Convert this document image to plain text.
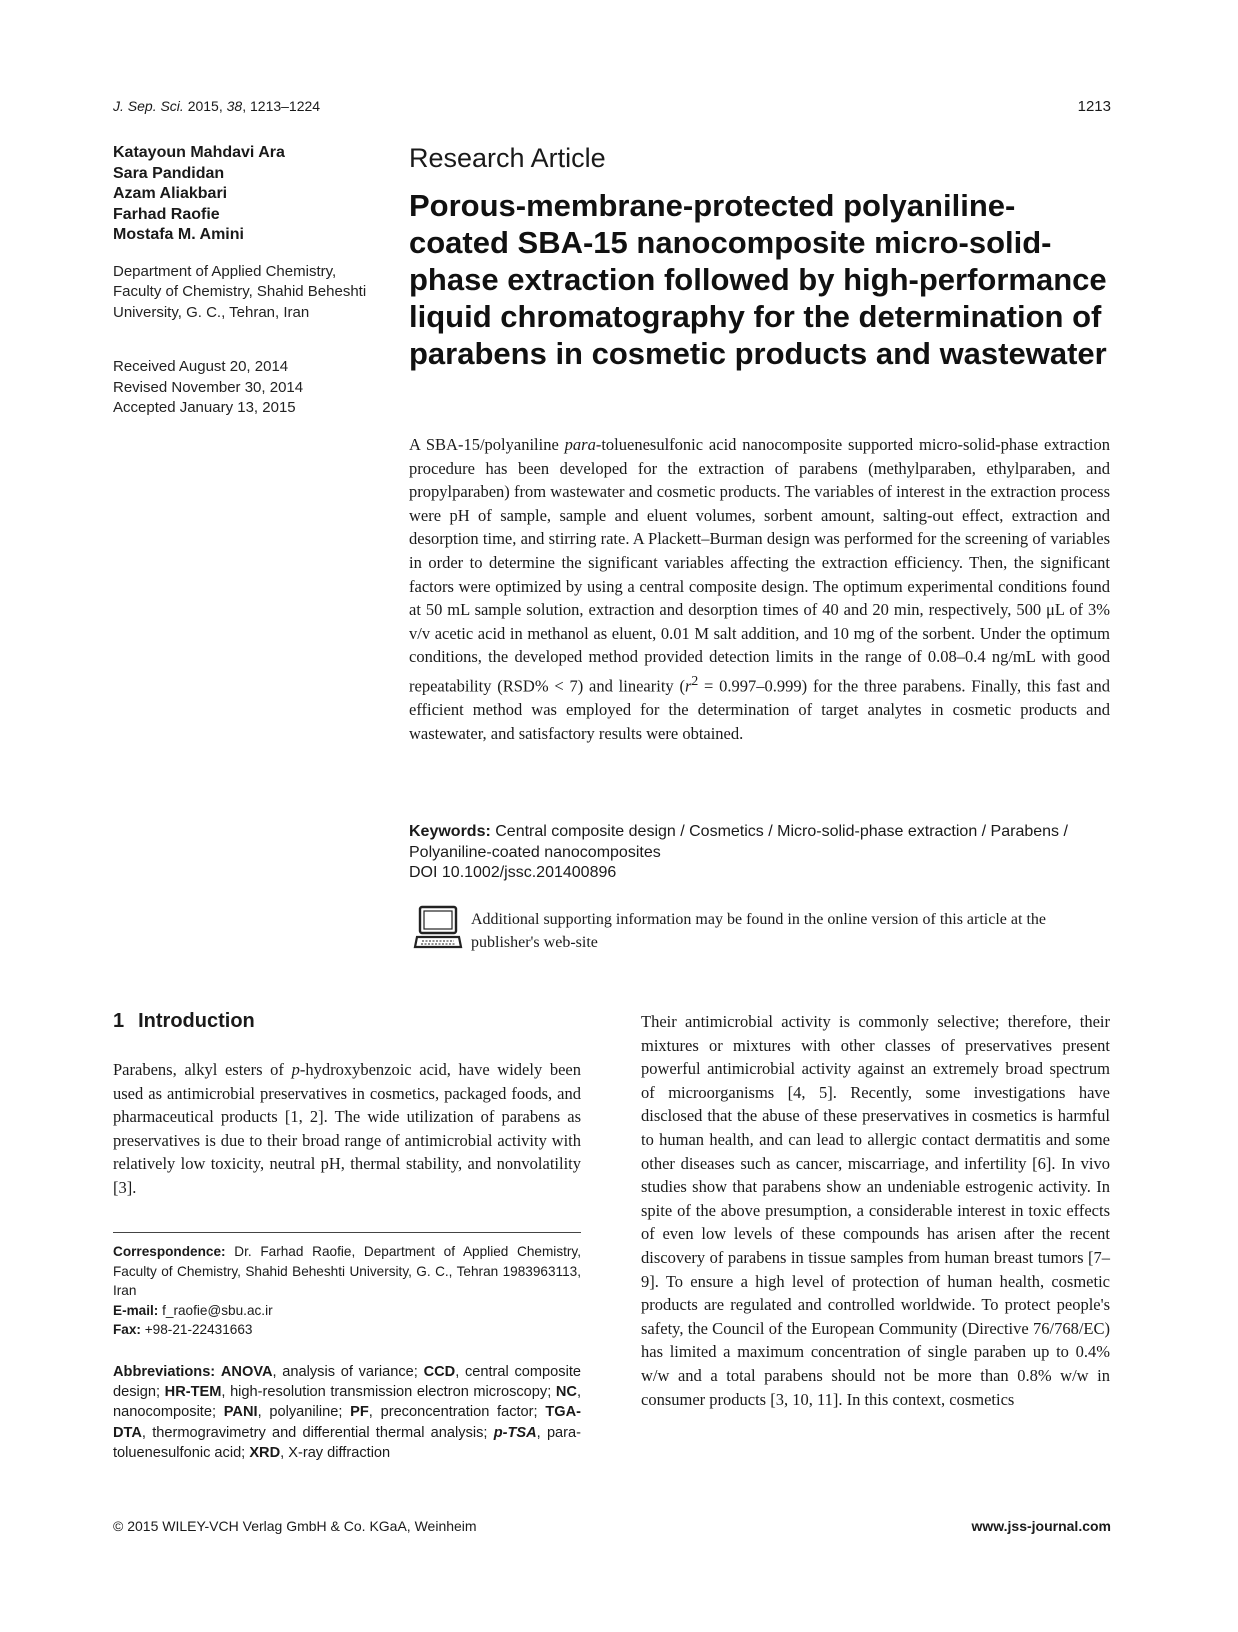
J. Sep. Sci. 2015, 38, 1213–1224	1213
Katayoun Mahdavi Ara
Sara Pandidan
Azam Aliakbari
Farhad Raofie
Mostafa M. Amini
Department of Applied Chemistry, Faculty of Chemistry, Shahid Beheshti University, G. C., Tehran, Iran
Received August 20, 2014
Revised November 30, 2014
Accepted January 13, 2015
Research Article
Porous-membrane-protected polyaniline-coated SBA-15 nanocomposite micro-solid-phase extraction followed by high-performance liquid chromatography for the determination of parabens in cosmetic products and wastewater

A SBA-15/polyaniline para-toluenesulfonic acid nanocomposite supported micro-solid-phase extraction procedure has been developed for the extraction of parabens (methylparaben, ethylparaben, and propylparaben) from wastewater and cosmetic products. The variables of interest in the extraction process were pH of sample, sample and eluent volumes, sorbent amount, salting-out effect, extraction and desorption time, and stirring rate. A Plackett–Burman design was performed for the screening of variables in order to determine the significant variables affecting the extraction efficiency. Then, the significant factors were optimized by using a central composite design. The optimum experimental conditions found at 50 mL sample solution, extraction and desorption times of 40 and 20 min, respectively, 500 μL of 3% v/v acetic acid in methanol as eluent, 0.01 M salt addition, and 10 mg of the sorbent. Under the optimum conditions, the developed method provided detection limits in the range of 0.08–0.4 ng/mL with good repeatability (RSD% < 7) and linearity $(r^2 = 0.997-0.999)$ for the three parabens. Finally, this fast and efficient method was employed for the determination of target analytes in cosmetic products and wastewater, and satisfactory results were obtained.

Keywords: Central composite design / Cosmetics / Micro-solid-phase extraction / Parabens / Polyaniline-coated nanocomposites
DOI 10.1002/jssc.201400896
Additional supporting information may be found in the online version of this article at the publisher's web-site
1 Introduction

Parabens, alkyl esters of p-hydroxybenzoic acid, have widely been used as antimicrobial preservatives in cosmetics, packaged foods, and pharmaceutical products [1, 2]. The wide utilization of parabens as preservatives is due to their broad range of antimicrobial activity with relatively low toxicity, neutral pH, thermal stability, and nonvolatility [3].

Correspondence: Dr. Farhad Raofie, Department of Applied Chemistry, Faculty of Chemistry, Shahid Beheshti University, G. C., Tehran 1983963113, Iran
E-mail: f_raofie@sbu.ac.ir
Fax: +98-21-22431663
Abbreviations: ANOVA, analysis of variance; CCD, central composite design; HR-TEM, high-resolution transmission electron microscopy; NC, nanocomposite; PANI, polyaniline; PF, preconcentration factor; TGA-DTA, thermogravimetry and differential thermal analysis; p-TSA, para-toluenesulfonic acid; XRD, X-ray diffraction

Their antimicrobial activity is commonly selective; therefore, their mixtures or mixtures with other classes of preservatives present powerful antimicrobial activity against an extremely broad spectrum of microorganisms [4, 5]. Recently, some investigations have disclosed that the abuse of these preservatives in cosmetics is harmful to human health, and can lead to allergic contact dermatitis and some other diseases such as cancer, miscarriage, and infertility [6]. In vivo studies show that parabens show an undeniable estrogenic activity. In spite of the above presumption, a considerable interest in toxic effects of even low levels of these compounds has arisen after the recent discovery of parabens in tissue samples from human breast tumors [7–9]. To ensure a high level of protection of human health, cosmetic products are regulated and controlled worldwide. To protect people's safety, the Council of the European Community (Directive 76/768/EC) has limited a maximum concentration of single paraben up to 0.4% w/w and a total parabens should not be more than 0.8% w/w in consumer products [3, 10, 11]. In this context, cosmetics

© 2015 WILEY-VCH Verlag GmbH & Co. KGaA, Weinheim	www.jss-journal.com
